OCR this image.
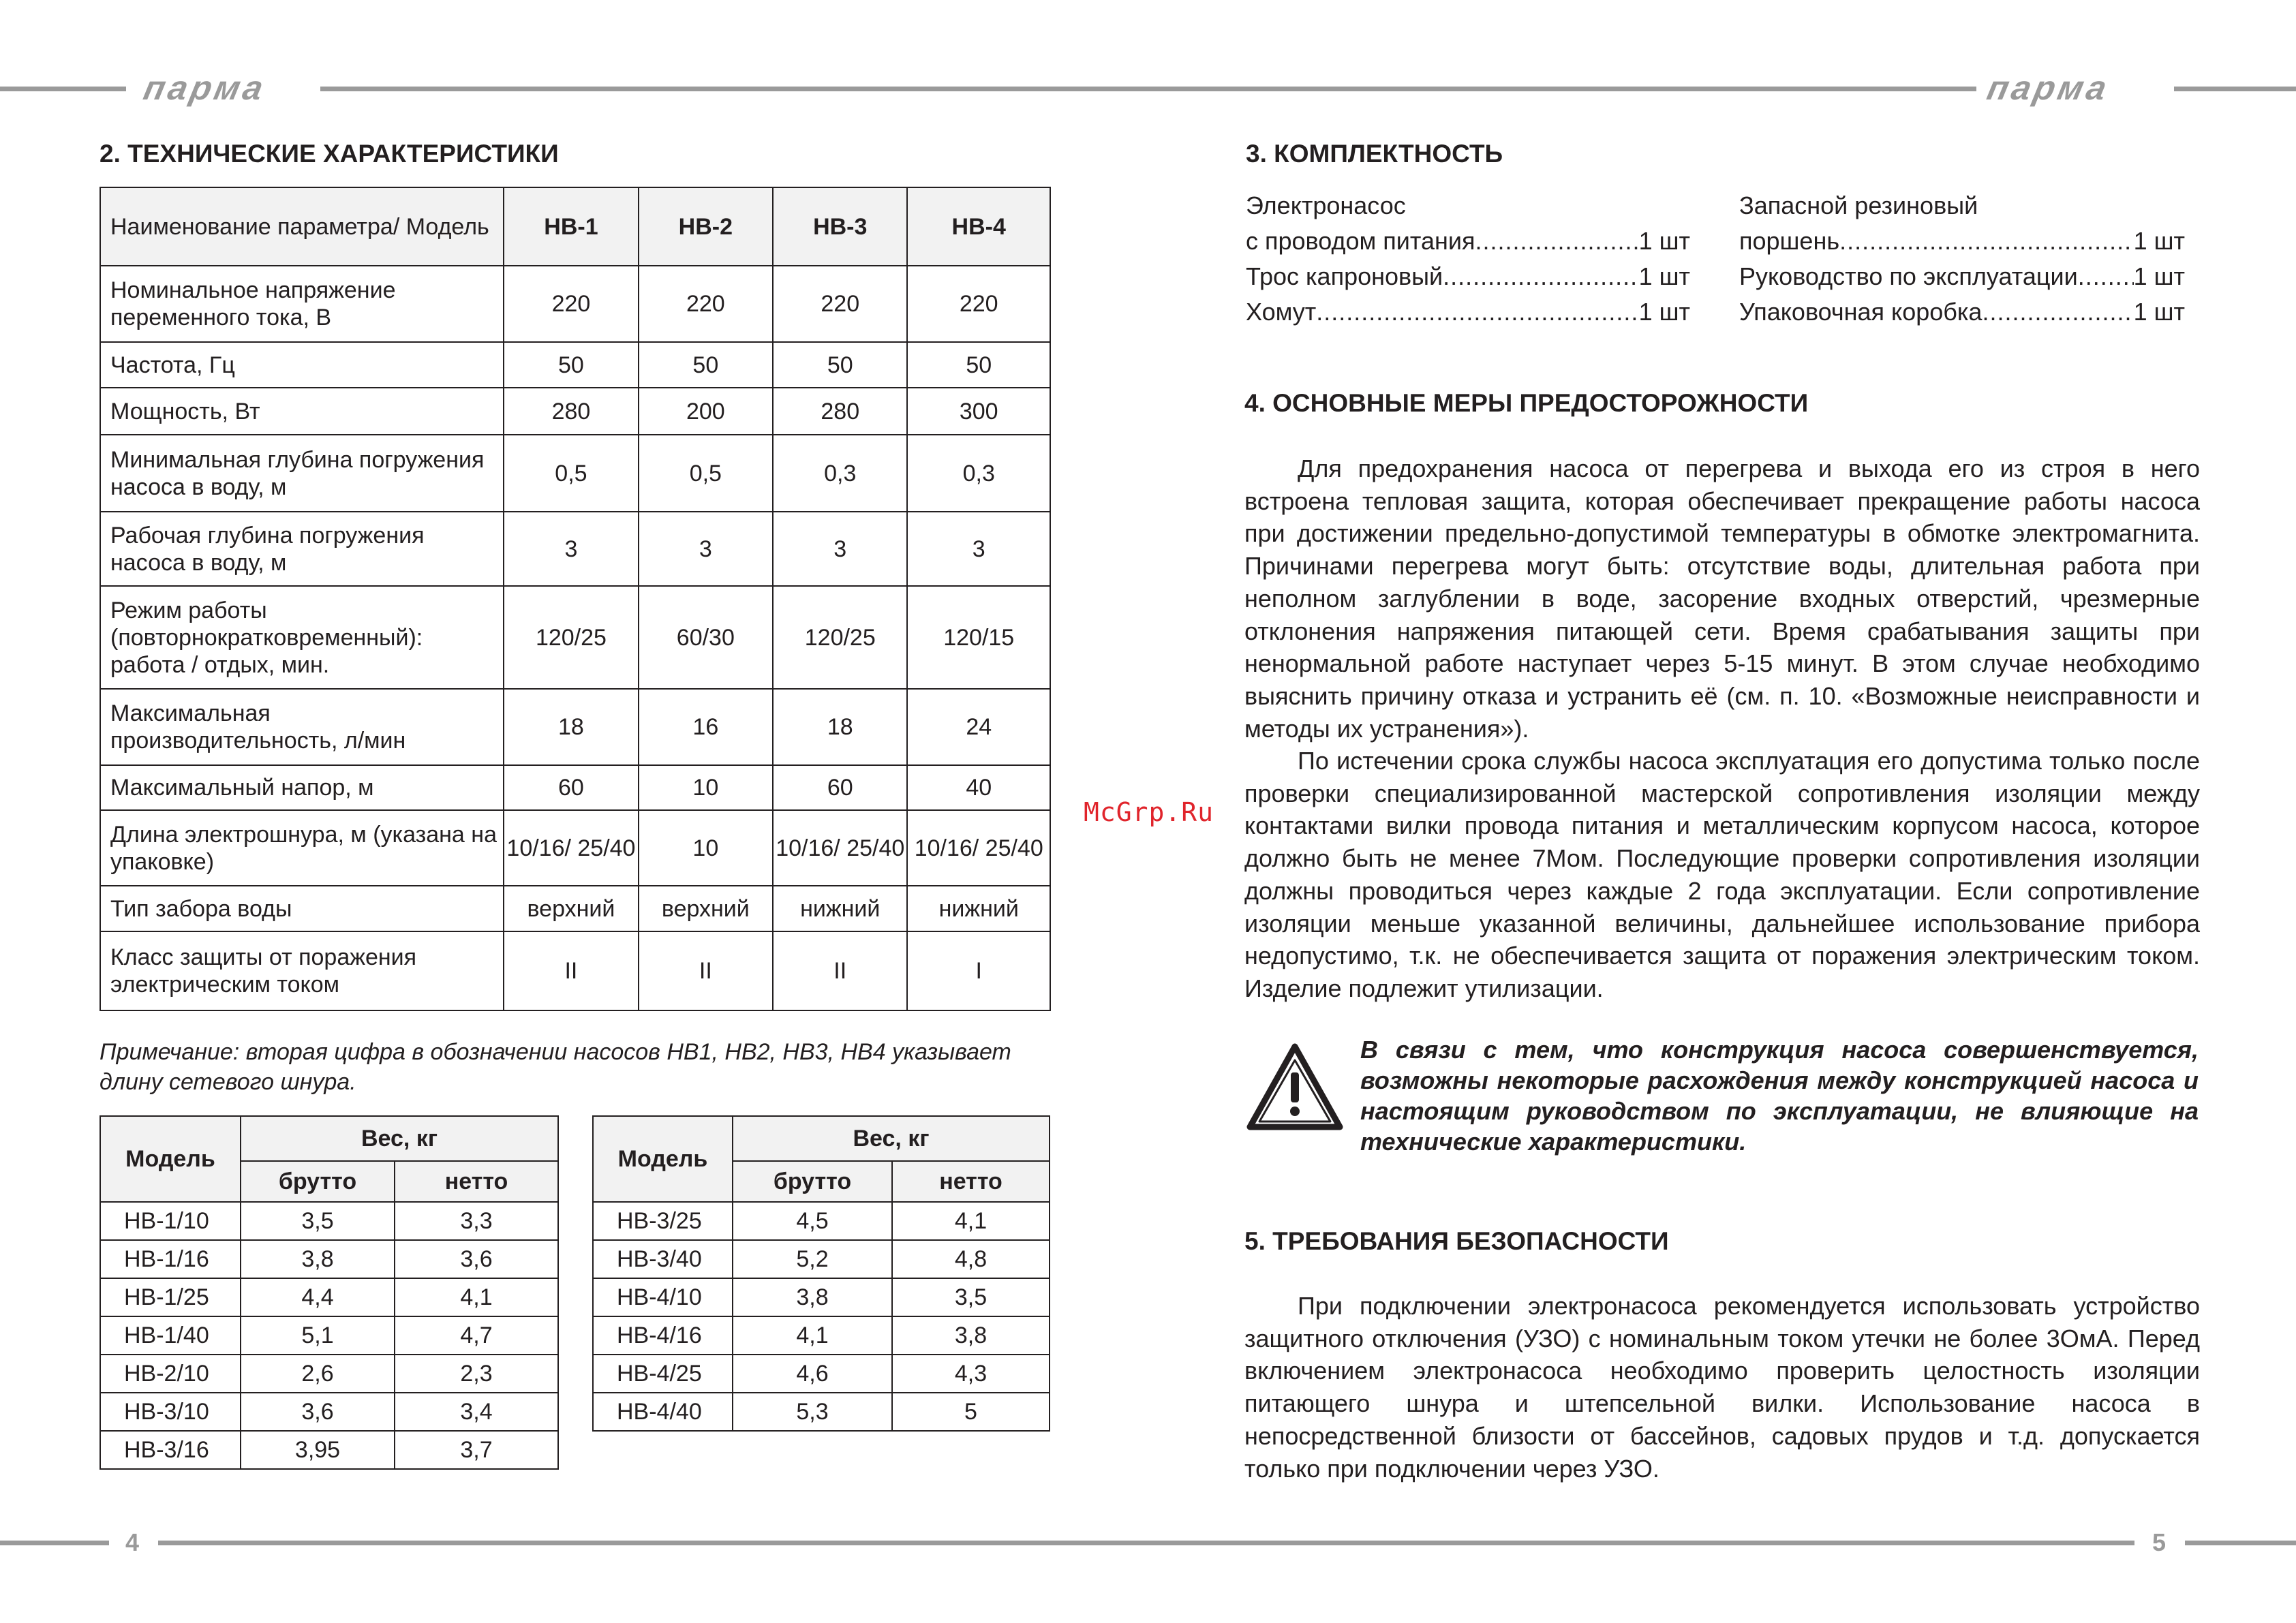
парма	парма
2. ТЕХНИЧЕСКИЕ ХАРАКТЕРИСТИКИ
Наименование параметра/ Модель	НВ-1	НВ-2	НВ-3	НВ-4
Номинальное напряжение переменного тока, В	220	220	220	220
Частота, Гц	50	50	50	50
Мощность, Вт	280	200	280	300
Минимальная глубина погружения насоса в воду, м	0,5	0,5	0,3	0,3
Рабочая глубина погружения насоса в воду, м	3	3	3	3
Режим работы (повторнократковременный): работа / отдых, мин.	120/25	60/30	120/25	120/15
Максимальная производительность, л/мин	18	16	18	24
Максимальный напор, м	60	10	60	40
Длина электрошнура, м (указана на упаковке)	10/16/ 25/40	10	10/16/ 25/40	10/16/ 25/40
Тип забора воды	верхний	верхний	нижний	нижний
Класс защиты от поражения электрическим током	II	II	II	I
Примечание: вторая цифра в обозначении насосов НВ1, НВ2, НВ3, НВ4 указывает длину сетевого шнура.
Модель	Вес, кг	
	брутто	нетто
НВ-1/10	3,5	3,3
НВ-1/16	3,8	3,6
НВ-1/25	4,4	4,1
НВ-1/40	5,1	4,7
НВ-2/10	2,6	2,3
НВ-3/10	3,6	3,4
НВ-3/16	3,95	3,7
Модель	Вес, кг	
	брутто	нетто
НВ-3/25	4,5	4,1
НВ-3/40	5,2	4,8
НВ-4/10	3,8	3,5
НВ-4/16	4,1	3,8
НВ-4/25	4,6	4,3
НВ-4/40	5,3	5
McGrp.Ru
3. КОМПЛЕКТНОСТЬ
Электронасос
с проводом питания .....	1 шт
Трос капроновый .....	1 шт
Хомут .....	1 шт
Запасной резиновый
поршень .....	1 шт
Руководство по эксплуатации ..... 1 шт
Упаковочная коробка .....	1 шт
4. ОСНОВНЫЕ МЕРЫ ПРЕДОСТОРОЖНОСТИ

Для предохранения насоса от перегрева и выхода его из строя в него встроена тепловая защита, которая обеспечивает прекращение работы насоса при достижении предельно-допустимой температуры в обмотке электромагнита. Причинами перегрева могут быть: отсутствие воды, длительная работа при неполном заглублении в воде, засорение входных отверстий, чрезмерные отклонения напряжения питающей сети. Время срабатывания защиты при ненормальной работе наступает через 5-15 минут. В этом случае необходимо выяснить причину отказа и устранить её (см. п. 10. «Возможные неисправности и методы их устранения»).

По истечении срока службы насоса эксплуатация его допустима только после проверки специализированной мастерской сопротивления изоляции между контактами вилки провода питания и металлическим корпусом насоса, которое должно быть не менее 7Мом. Последующие проверки сопротивления изоляции должны проводиться через каждые 2 года эксплуатации. Если сопротивление изоляции меньше указанной величины, дальнейшее использование прибора недопустимо, т.к. не обеспечивается защита от поражения электрическим током. Изделие подлежит утилизации.

В связи с тем, что конструкция насоса совершенствуется, возможны некоторые расхождения между конструкцией насоса и настоящим руководством по эксплуатации, не влияющие на технические характеристики.
5. ТРЕБОВАНИЯ БЕЗОПАСНОСТИ

При подключении электронасоса рекомендуется использовать устройство защитного отключения (УЗО) с номинальным током утечки не более 3ОмА. Перед включением электронасоса необходимо проверить целостность изоляции питающего шнура и штепсельной вилки. Использование насоса в непосредственной близости от бассейнов, садовых прудов и т.д. допускается только при подключении через УЗО.

4	5
